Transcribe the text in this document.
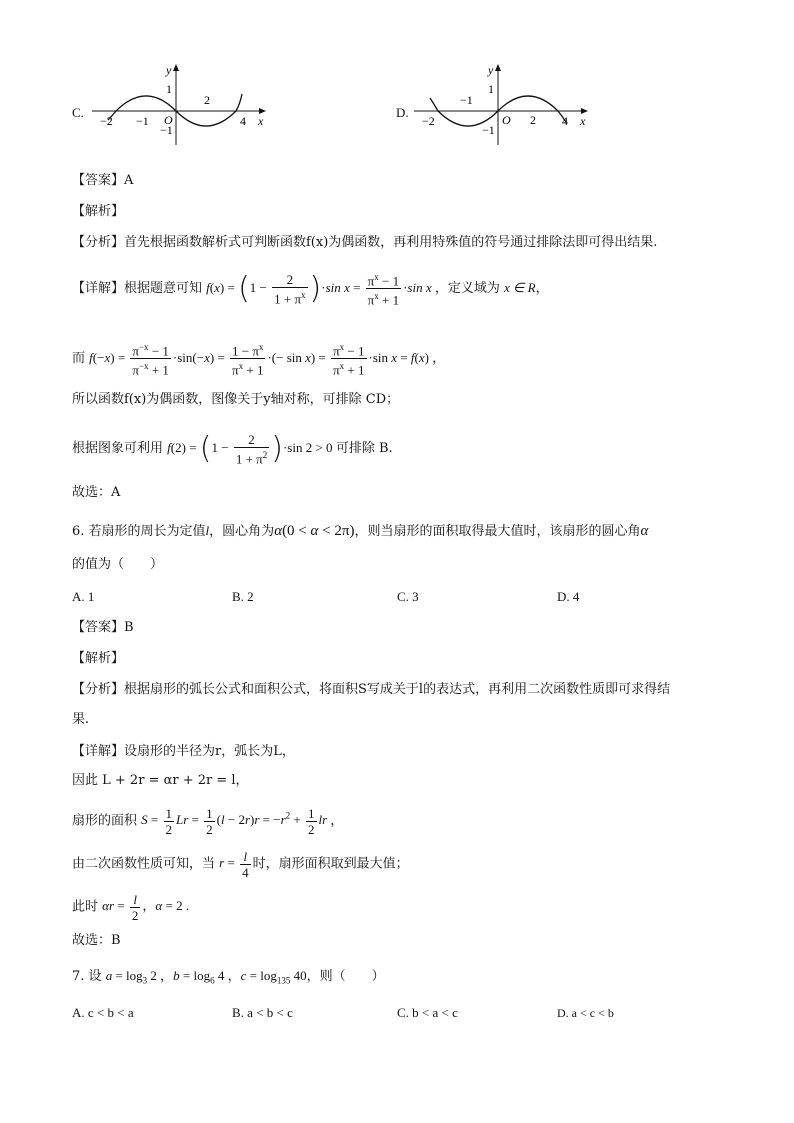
C.
y
1
−1
−2 −1 O
2
4 x
D.
y
1
−1
−2
−1
O 2 4 x
【答案】A
【解析】
【分析】首先根据函数解析式可判断函数f(x)为偶函数，再利用特殊值的符号通过排除法即可得出结果.
【详解】根据题意可知 $f(x) = (1 - \frac{2}{1 + \pi^x} )\cdot\sin$ $x = \frac{\pi^x - 1}{\pi^x + 1} \cdot\sin$ x ，定义域为 x ∈ R，
而 $f(-x) = \frac{\pi^{-x} - 1}{\pi^{-x} + 1} \cdot\sin(-x) = \frac{1 - \pi^x}{\pi^x + 1}$ ·(− $\sin x) = \frac{\pi^x - 1}{\pi^x + 1} \cdot\sin$ x = f(x) ，
所以函数f(x)为偶函数，图像关于y轴对称，可排除 CD；
根据图象可利用 $f(2) = (1 - \frac{2}{1 + \pi^2} )\cdot\sin$ 2 > 0 可排除 B.
故选：A
6. 若扇形的周长为定值l，圆心角为α(0 < α < 2π)，则当扇形的面积取得最大值时，该扇形的圆心角α
的值为（　　）
A. 1	B. 2	C. 3	D. 4
【答案】B
【解析】
【分析】根据扇形的弧长公式和面积公式，将面积S写成关于l的表达式，再利用二次函数性质即可求得结
果.
【详解】设扇形的半径为r，弧长为L，
因此 L + 2r = αr + 2r = l，
扇形的面积 $S = \frac{1}{2}$ $Lr = \frac{1}{2} (l - 2r)r = -r^2 + \frac{1}{2}$ lr ，
由二次函数性质可知，当 $r = \frac{l}{4}$ 时，扇形面积取到最大值；
此时 $\alpha r = \frac{l}{2}$ ，α = 2 .
故选：B
7. 设 $a = \log_3 2$ ，$b = \log_6 4$ ，$c = \log_{135} 40$，则（　　）
A. c < b < a	B. a < b < c	C. b < a < c	D. a < c < b
